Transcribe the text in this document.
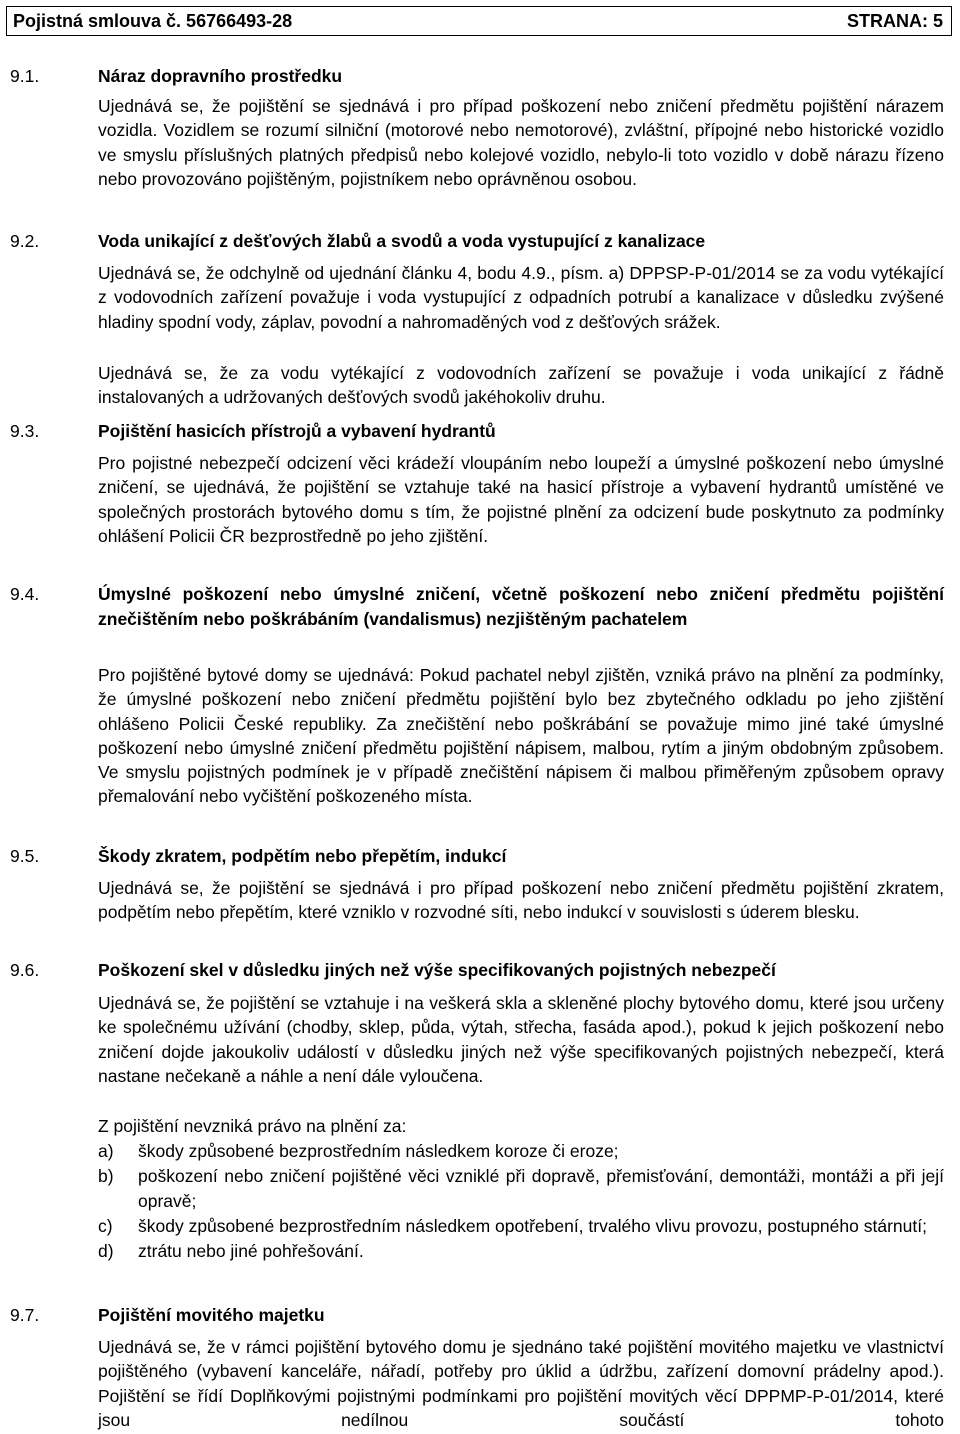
Pojistná smlouva č. 56766493-28	STRANA: 5
9.1.	Náraz dopravního prostředku
Ujednává se, že pojištění se sjednává i pro případ poškození nebo zničení předmětu pojištění nárazem vozidla. Vozidlem se rozumí silniční (motorové nebo nemotorové), zvláštní, přípojné nebo historické vozidlo ve smyslu příslušných platných předpisů nebo kolejové vozidlo, nebylo-li toto vozidlo v době nárazu řízeno nebo provozováno pojištěným, pojistníkem nebo oprávněnou osobou.
9.2.	Voda unikající z dešťových žlabů a svodů a voda vystupující z kanalizace
Ujednává se, že odchylně od ujednání článku 4, bodu 4.9., písm. a) DPPSP-P-01/2014 se za vodu vytékající z vodovodních zařízení považuje i voda vystupující z odpadních potrubí a kanalizace v důsledku zvýšené hladiny spodní vody, záplav, povodní a nahromaděných vod z dešťových srážek.
Ujednává se, že za vodu vytékající z vodovodních zařízení se považuje i voda unikající z řádně instalovaných a udržovaných dešťových svodů jakéhokoliv druhu.
9.3.	Pojištění hasicích přístrojů a vybavení hydrantů
Pro pojistné nebezpečí odcizení věci krádeží vloupáním nebo loupeží a úmyslné poškození nebo úmyslné zničení, se ujednává, že pojištění se vztahuje také na hasicí přístroje a vybavení hydrantů umístěné ve společných prostorách bytového domu s tím, že pojistné plnění za odcizení bude poskytnuto za podmínky ohlášení Policii ČR bezprostředně po jeho zjištění.
9.4.	Úmyslné poškození nebo úmyslné zničení, včetně poškození nebo zničení předmětu pojištění znečištěním nebo poškrábáním (vandalismus) nezjištěným pachatelem
Pro pojištěné bytové domy se ujednává: Pokud pachatel nebyl zjištěn, vzniká právo na plnění za podmínky, že úmyslné poškození nebo zničení předmětu pojištění bylo bez zbytečného odkladu po jeho zjištění ohlášeno Policii České republiky. Za znečištění nebo poškrábání se považuje mimo jiné také úmyslné poškození nebo úmyslné zničení předmětu pojištění nápisem, malbou, rytím a jiným obdobným způsobem. Ve smyslu pojistných podmínek je v případě znečištění nápisem či malbou přiměřeným způsobem opravy přemalování nebo vyčištění poškozeného místa.
9.5.	Škody zkratem, podpětím nebo přepětím, indukcí
Ujednává se, že pojištění se sjednává i pro případ poškození nebo zničení předmětu pojištění zkratem, podpětím nebo přepětím, které vzniklo v rozvodné síti, nebo indukcí v souvislosti s úderem blesku.
9.6.	Poškození skel v důsledku jiných než výše specifikovaných pojistných nebezpečí
Ujednává se, že pojištění se vztahuje i na veškerá skla a skleněné plochy bytového domu, které jsou určeny ke společnému užívání (chodby, sklep, půda, výtah, střecha, fasáda apod.), pokud k jejich poškození nebo zničení dojde jakoukoliv událostí v důsledku jiných než výše specifikovaných pojistných nebezpečí, která nastane nečekaně a náhle a není dále vyloučena.
Z pojištění nevzniká právo na plnění za:
a) škody způsobené bezprostředním následkem koroze či eroze;
b) poškození nebo zničení pojištěné věci vzniklé při dopravě, přemisťování, demontáži, montáži a při její opravě;
c) škody způsobené bezprostředním následkem opotřebení, trvalého vlivu provozu, postupného stárnutí;
d) ztrátu nebo jiné pohřešování.
9.7.	Pojištění movitého majetku
Ujednává se, že v rámci pojištění bytového domu je sjednáno také pojištění movitého majetku ve vlastnictví pojištěného (vybavení kanceláře, nářadí, potřeby pro úklid a údržbu, zařízení domovní prádelny apod.). Pojištění se řídí Doplňkovými pojistnými podmínkami pro pojištění movitých věcí DPPMP-P-01/2014, které jsou nedílnou součástí tohoto
